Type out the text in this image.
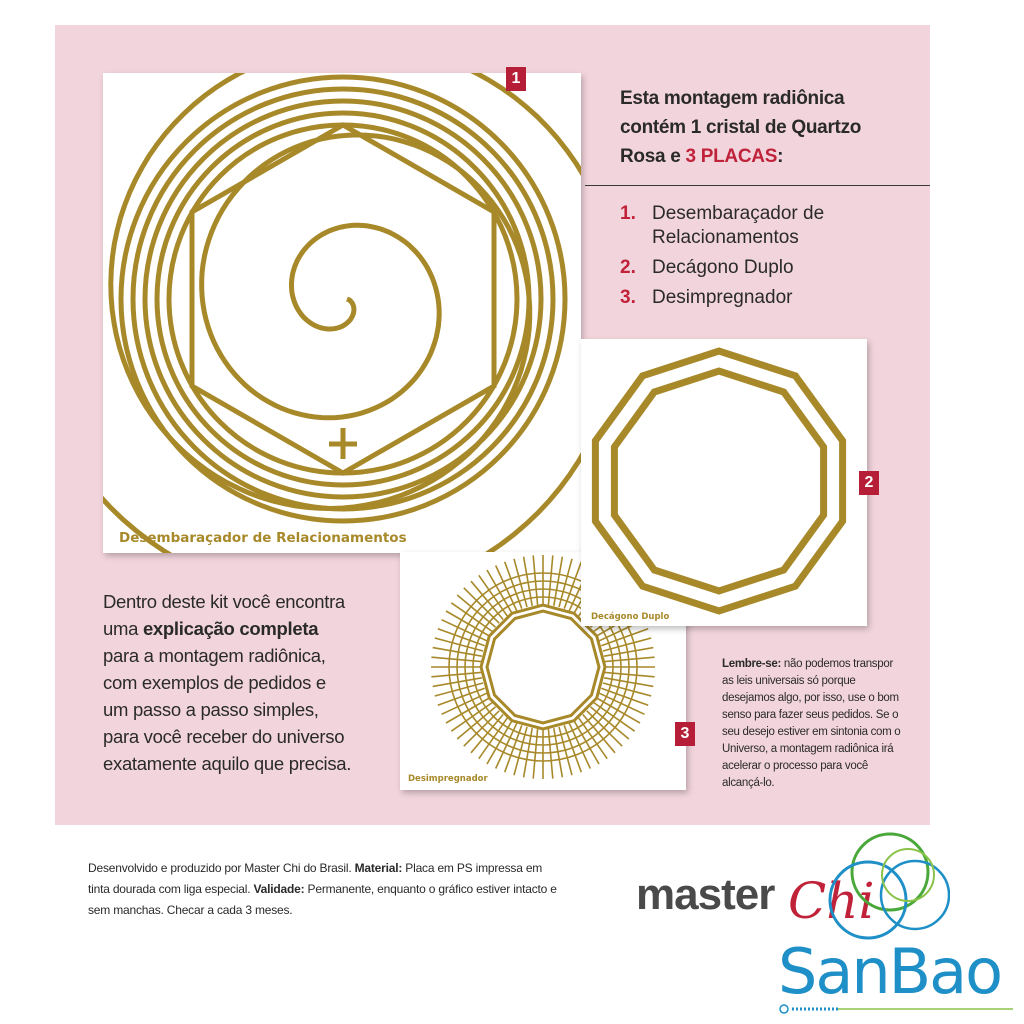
1
Desembaraçador de Relacionamentos
Esta montagem radiônica
contém 1 cristal de Quartzo
Rosa e 3 PLACAS:
1. Desembaraçador de
Relacionamentos
2. Decágono Duplo
3. Desimpregnador
3
Desimpregnador
2
Decágono Duplo
Dentro deste kit você encontra
uma explicação completa
para a montagem radiônica,
com exemplos de pedidos e
um passo a passo simples,
para você receber do universo
exatamente aquilo que precisa.
Lembre-se: não podemos transpor as leis universais só porque desejamos algo, por isso, use o bom senso para fazer seus pedidos. Se o seu desejo estiver em sintonia com o Universo, a montagem radiônica irá acelerar o processo para você alcançá-lo.
Desenvolvido e produzido por Master Chi do Brasil. Material: Placa em PS impressa em tinta dourada com liga especial. Validade: Permanente, enquanto o gráfico estiver intacto e sem manchas. Checar a cada 3 meses.	master Chi
SanBao
